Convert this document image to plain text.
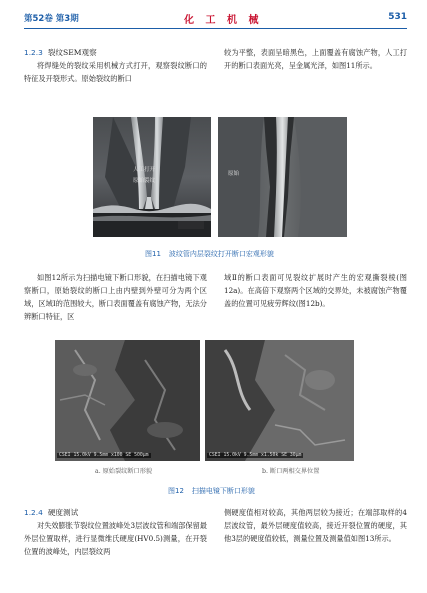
第52卷 第3期	化 工 机 械	531
1.2.3 裂纹SEM观察
将焊缝处的裂纹采用机械方式打开，观察裂纹断口的特征及开裂形式。原始裂纹的断口
较为平整，表面呈暗黑色，上面覆盖有腐蚀产物，人工打开的断口表面光亮，呈金属光泽，如图11所示。
人工打开
原始裂纹
原始
图11 波纹管内层裂纹打开断口宏观形貌
如图12所示为扫描电镜下断口形貌，在扫描电镜下观察断口，原始裂纹的断口上由内壁到外壁可分为两个区域，区域Ⅰ的范围较大，断口表面覆盖有腐蚀产物，无法分辨断口特征，区
域Ⅱ的断口表面可见裂纹扩展时产生的宏观撕裂棱(图12a)。在高倍下观察两个区域的交界处，未被腐蚀产物覆盖的位置可见疲劳辉纹(图12b)。
CSEI 15.0kV 9.5mm x100 SE 500μm	CSEI 15.0kV 9.5mm x1.50k SE 30μm
a. 原始裂纹断口形貌	b. 断口两相交界位置
图12 扫描电镜下断口形貌
1.2.4 硬度测试
对失效膨胀节裂纹位置波峰处3层波纹管和端部保留最外层位置取样，进行显微维氏硬度(HV0.5)测量，在开裂位置的波峰处，内层裂纹两
侧硬度值相对较高，其他两层较为接近；在端部取样的4层波纹管，最外层硬度值较高，接近开裂位置的硬度，其他3层的硬度值较低，测量位置及测量值如图13所示。
